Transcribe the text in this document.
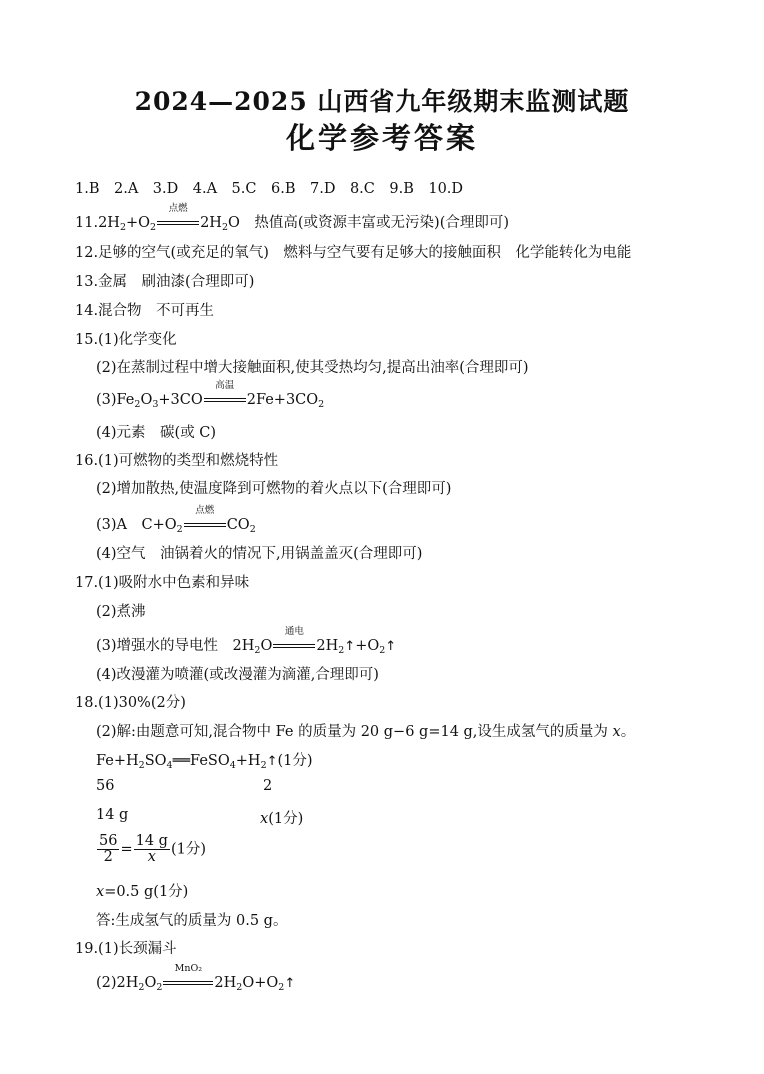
2024—2025 山西省九年级期末监测试题
化学参考答案
1.B　2.A　3.D　4.A　5.C　6.B　7.D　8.C　9.B　10.D
$11.2H_2+O_2$
点燃
$2H_2O$　 热值高(或资源丰富或无污染)(合理即可)
12.足够的空气(或充足的氧气)　燃料与空气要有足够大的接触面积　化学能转化为电能
13.金属　刷油漆(合理即可)
14.混合物　不可再生
15.(1)化学变化
(2)在蒸制过程中增大接触面积,使其受热均匀,提高出油率(合理即可)
$(3)Fe_2O_3+3CO$
高温
$2Fe+3CO_2$
(4)元素　碳(或 C)
16.(1)可燃物的类型和燃烧特性
(2)增加散热,使温度降到可燃物的着火点以下(合理即可)
(3)A　$C+O_2$
点燃
$CO_2$
(4)空气　油锅着火的情况下,用锅盖盖灭(合理即可)
17.(1)吸附水中色素和异味
(2)煮沸
(3)增强水的导电性　$2H_2O$
通电
$2H_2↑+O_2↑$
(4)改漫灌为喷灌(或改漫灌为滴灌,合理即可)
18.(1)30%(2分)
(2)解:由题意可知,混合物中 Fe 的质量为 20 g−6 g=14 g,设生成氢气的质量为 x。
$Fe+H_2SO_4══FeSO_4+H_2↑(1$分)
56	2
14 g	x(1分)
$\frac{56}{2} = \frac{14 g}{x} (1$分)
x=0.5 g(1分)
答:生成氢气的质量为 0.5 g。
19.(1)长颈漏斗
$(2)2H_2O_2$
MnO₂
$2H_2O+O_2↑$
